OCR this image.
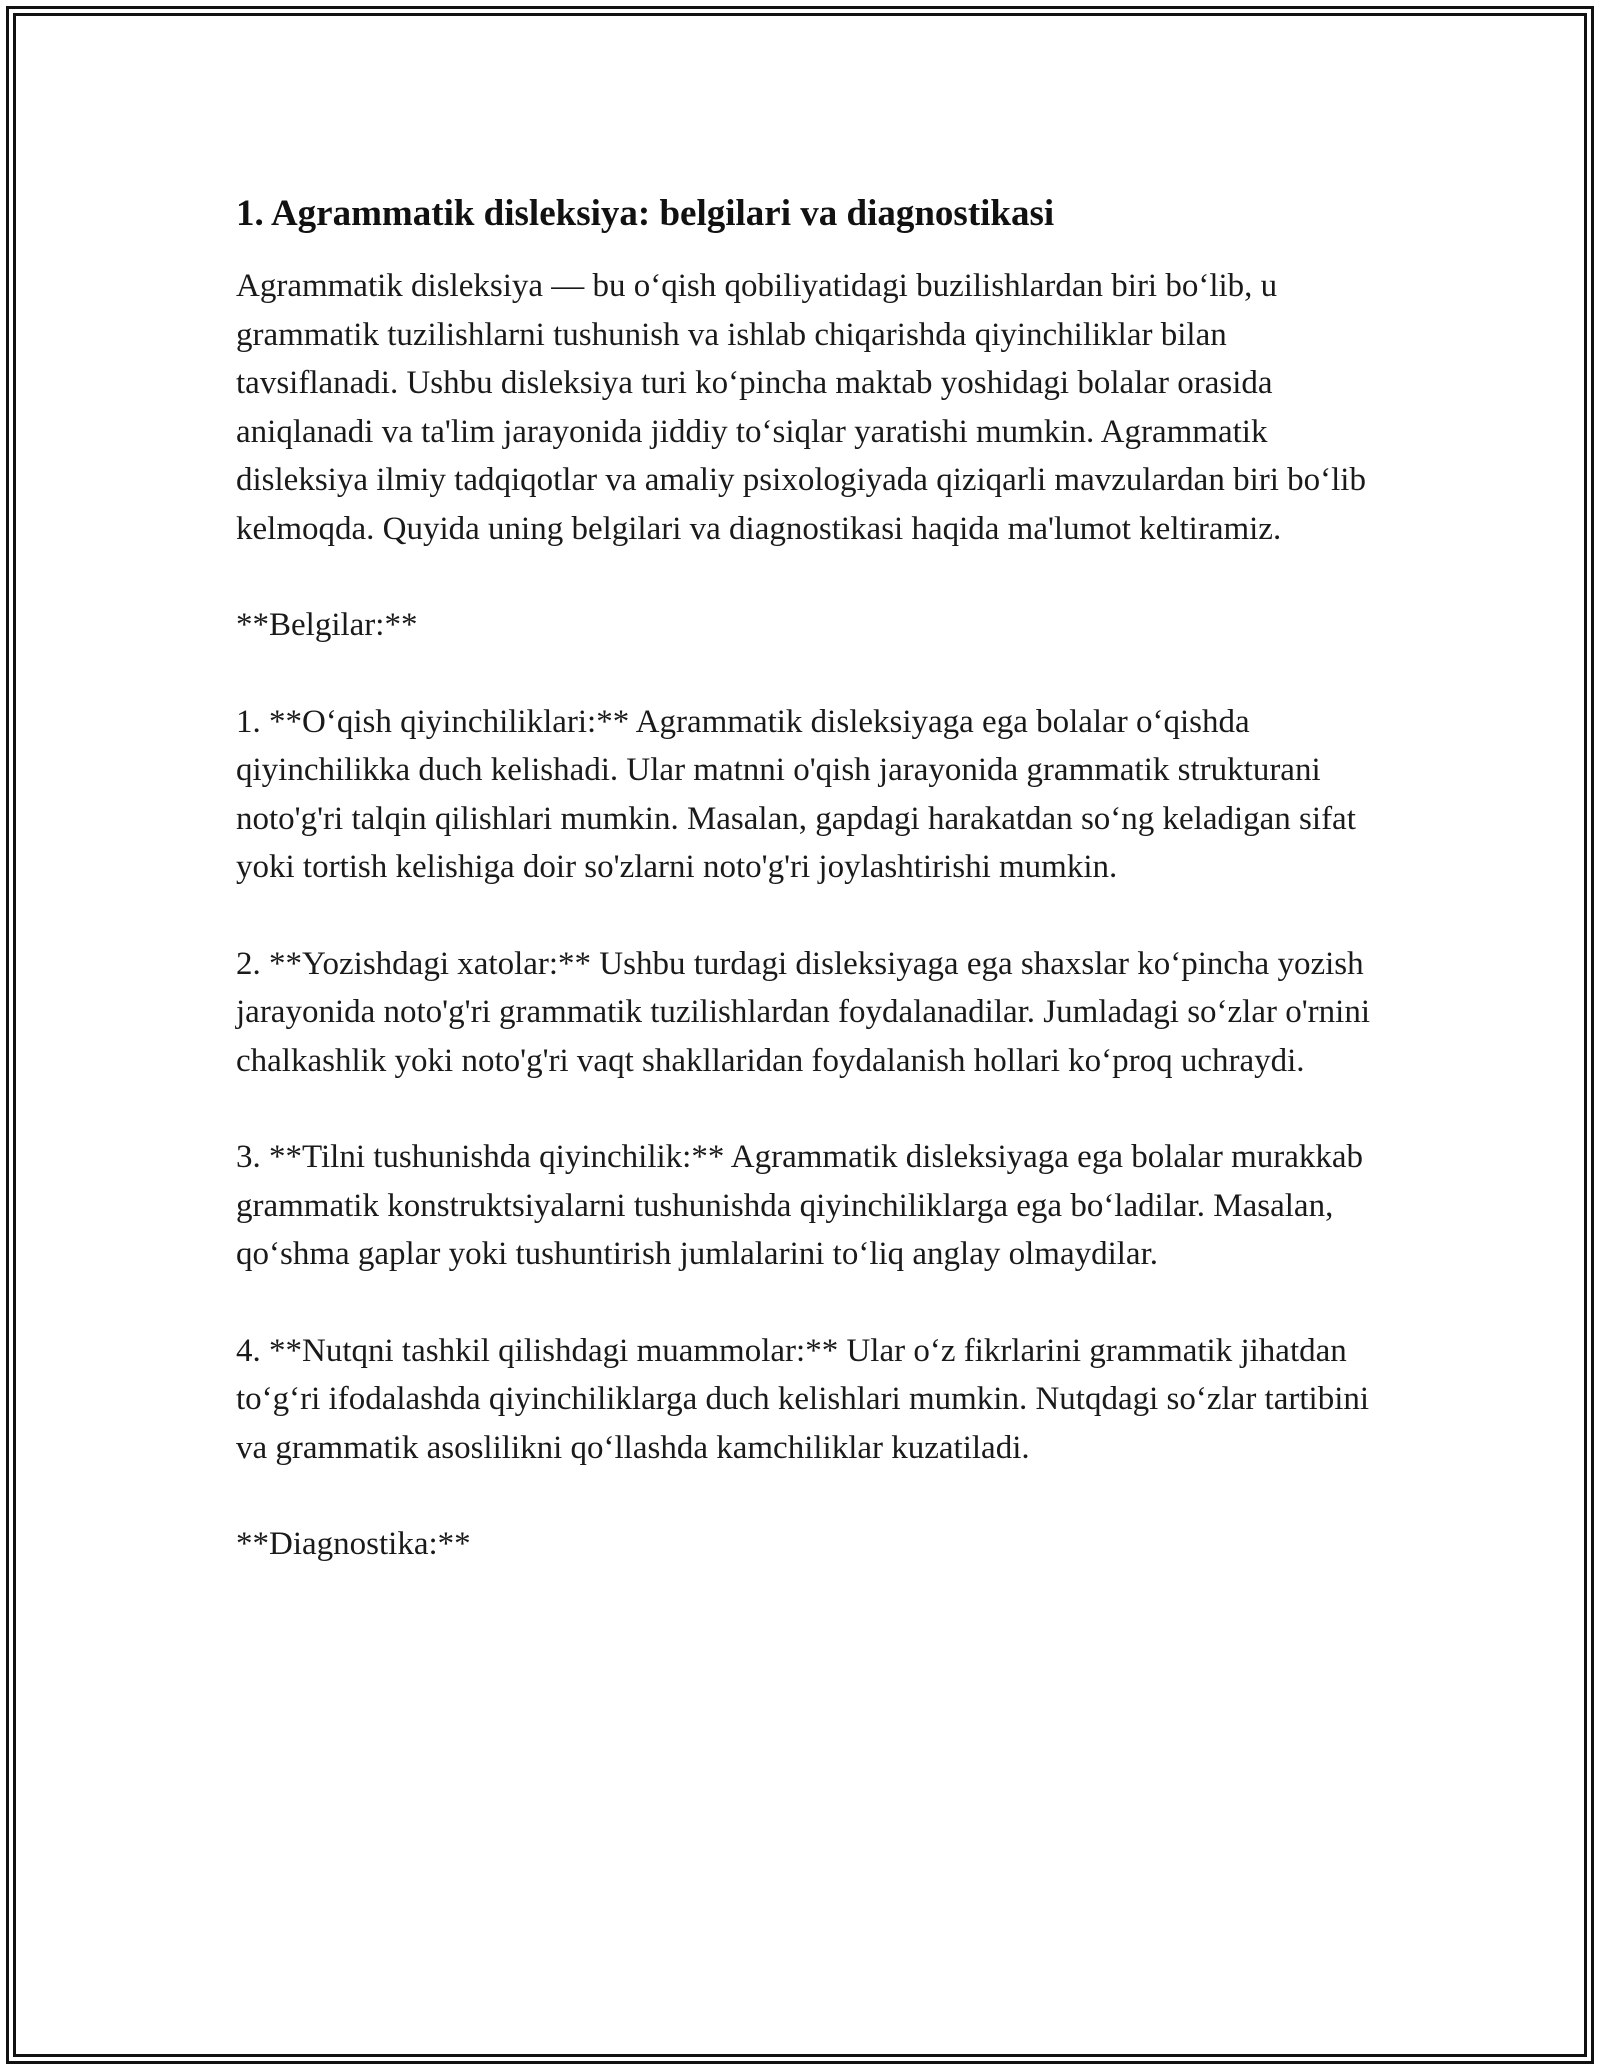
1. Agrammatik disleksiya: belgilari va diagnostikasi

Agrammatik disleksiya — bu o‘qish qobiliyatidagi buzilishlardan biri bo‘lib, u grammatik tuzilishlarni tushunish va ishlab chiqarishda qiyinchiliklar bilan tavsiflanadi. Ushbu disleksiya turi ko‘pincha maktab yoshidagi bolalar orasida aniqlanadi va ta'lim jarayonida jiddiy to‘siqlar yaratishi mumkin. Agrammatik disleksiya ilmiy tadqiqotlar va amaliy psixologiyada qiziqarli mavzulardan biri bo‘lib kelmoqda. Quyida uning belgilari va diagnostikasi haqida ma'lumot keltiramiz.

**Belgilar:**

1. **O‘qish qiyinchiliklari:** Agrammatik disleksiyaga ega bolalar o‘qishda qiyinchilikka duch kelishadi. Ular matnni o'qish jarayonida grammatik strukturani noto'g'ri talqin qilishlari mumkin. Masalan, gapdagi harakatdan so‘ng keladigan sifat yoki tortish kelishiga doir so'zlarni noto'g'ri joylashtirishi mumkin.

2. **Yozishdagi xatolar:** Ushbu turdagi disleksiyaga ega shaxslar ko‘pincha yozish jarayonida noto'g'ri grammatik tuzilishlardan foydalanadilar. Jumladagi so‘zlar o'rnini chalkashlik yoki noto'g'ri vaqt shakllaridan foydalanish hollari ko‘proq uchraydi.

3. **Tilni tushunishda qiyinchilik:** Agrammatik disleksiyaga ega bolalar murakkab grammatik konstruktsiyalarni tushunishda qiyinchiliklarga ega bo‘ladilar. Masalan, qo‘shma gaplar yoki tushuntirish jumlalarini to‘liq anglay olmaydilar.

4. **Nutqni tashkil qilishdagi muammolar:** Ular o‘z fikrlarini grammatik jihatdan to‘g‘ri ifodalashda qiyinchiliklarga duch kelishlari mumkin. Nutqdagi so‘zlar tartibini va grammatik asoslilikni qo‘llashda kamchiliklar kuzatiladi.

**Diagnostika:**
